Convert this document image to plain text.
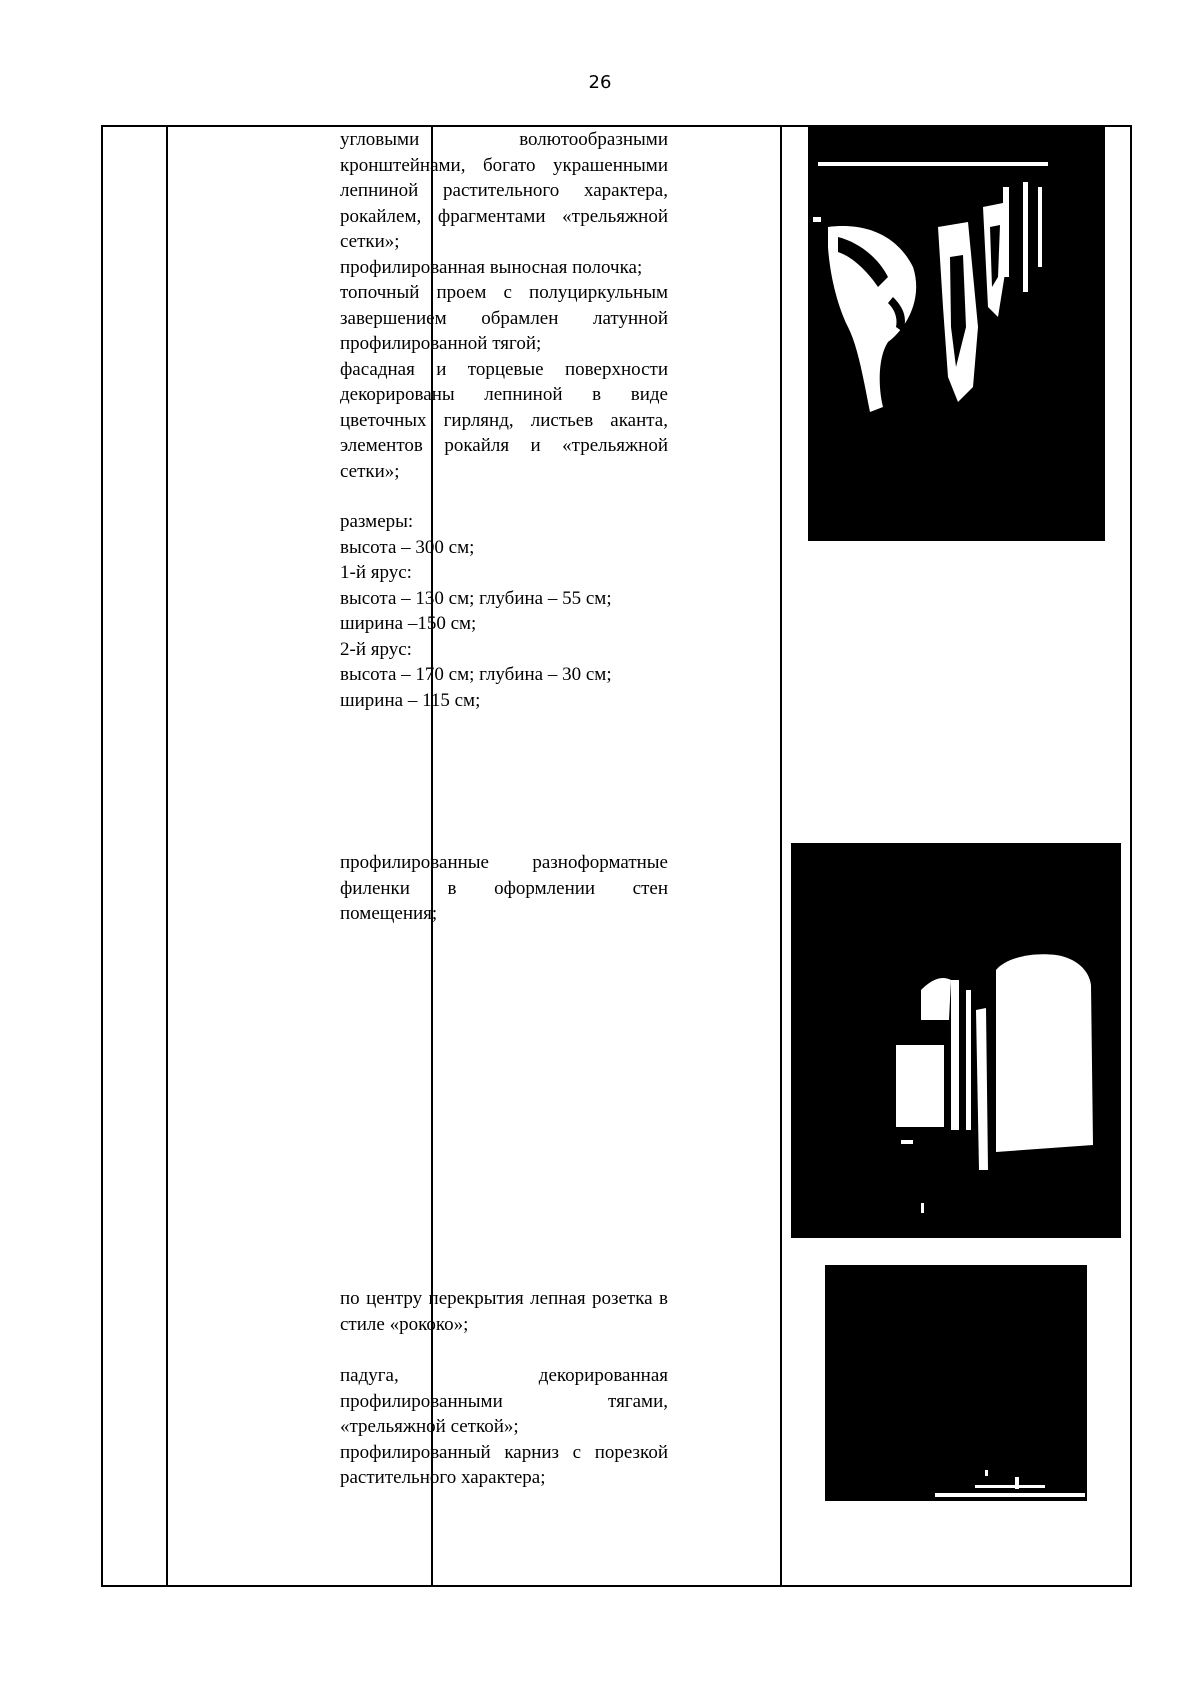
26

угловыми волютообразными кронштейнами, богато украшенными лепниной растительного характера, рокайлем, фрагментами «трельяжной сетки»;

профилированная выносная полочка;

топочный проем с полуциркульным завершением обрамлен латунной профилированной тягой;

фасадная и торцевые поверхности декорированы лепниной в виде цветочных гирлянд, листьев аканта, элементов рокайля и «трельяжной сетки»;

размеры:

высота – 300 см;

1-й ярус:

высота – 130 см; глубина – 55 см;

ширина –150 см;

2-й ярус:

высота – 170 см; глубина – 30 см;

ширина – 115 см;

профилированные разноформатные филенки в оформлении стен помещения;

по центру перекрытия лепная розетка в стиле «рококо»;

падуга, декорированная профилированными тягами, «трельяжной сеткой»;

профилированный карниз с порезкой растительного характера;
